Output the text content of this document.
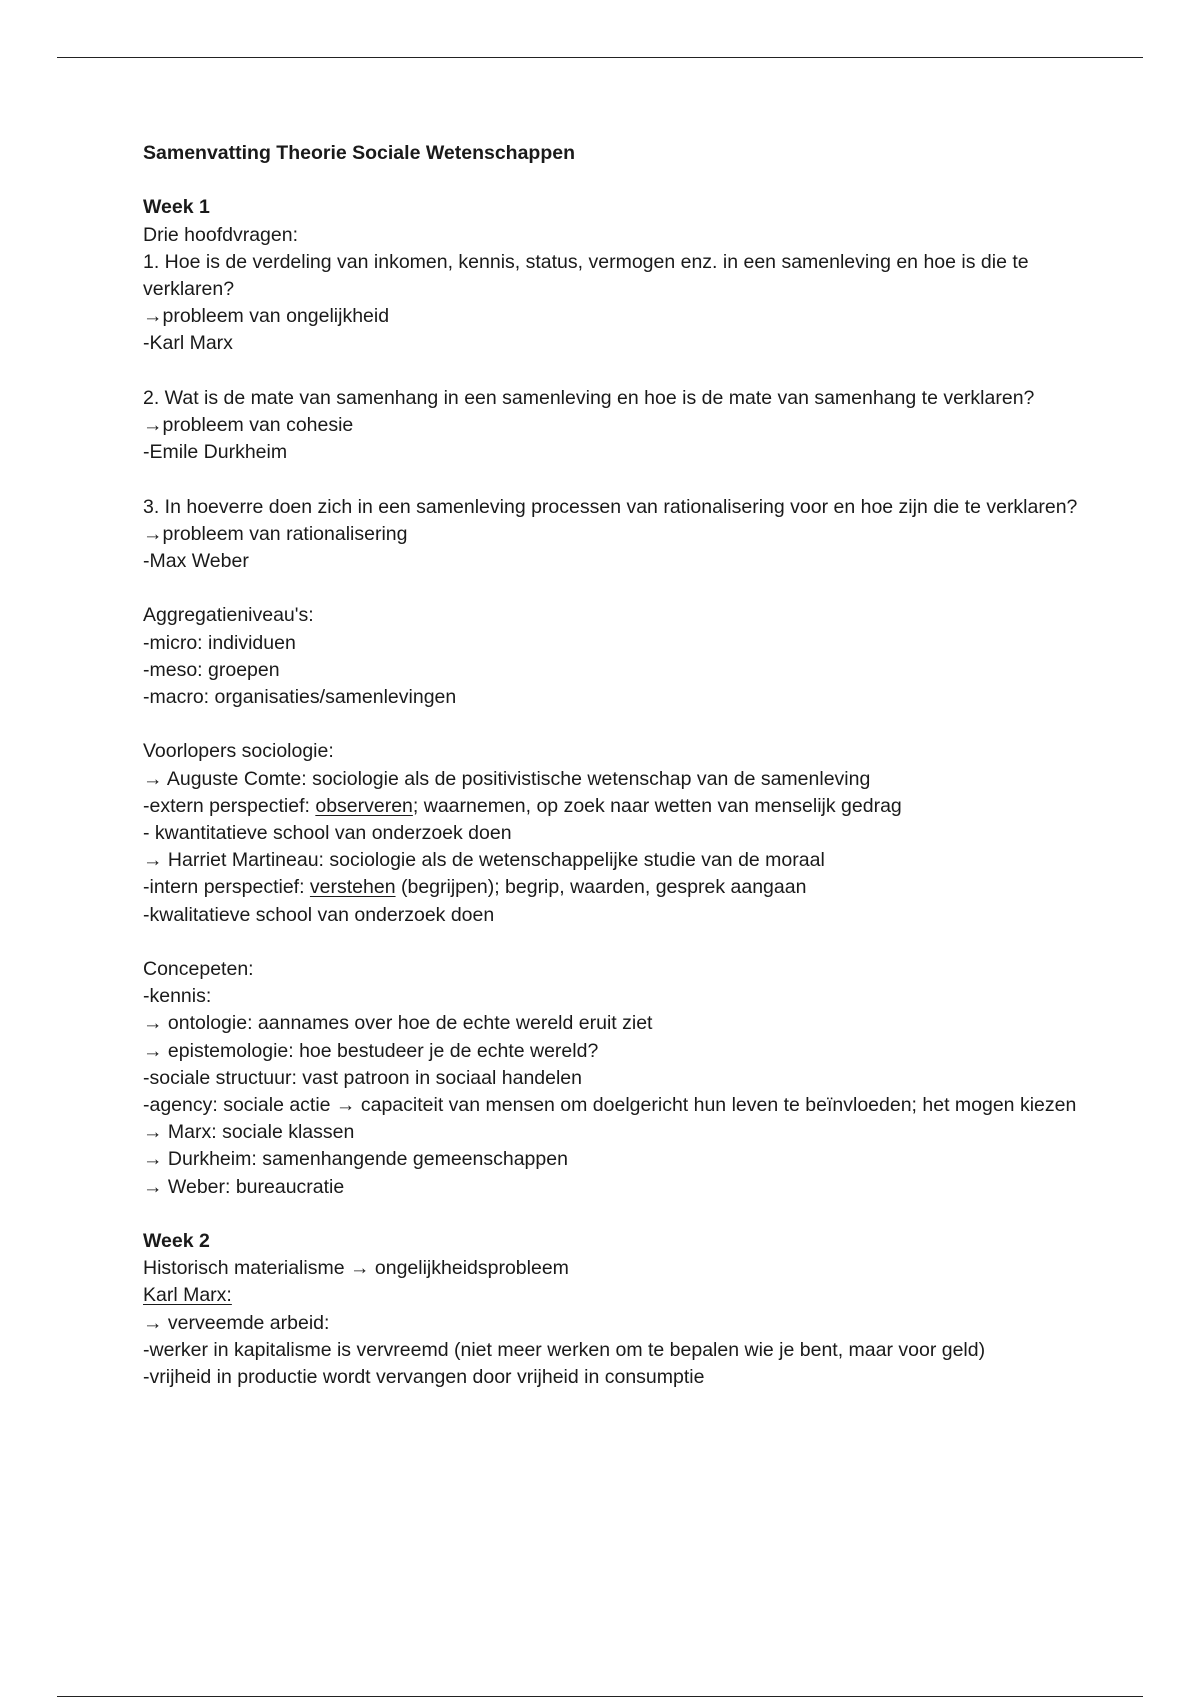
Samenvatting Theorie Sociale Wetenschappen
Week 1
Drie hoofdvragen:
1. Hoe is de verdeling van inkomen, kennis, status, vermogen enz. in een samenleving en hoe is die te verklaren?
→probleem van ongelijkheid
-Karl Marx
2. Wat is de mate van samenhang in een samenleving en hoe is de mate van samenhang te verklaren?
→probleem van cohesie
-Emile Durkheim
3. In hoeverre doen zich in een samenleving processen van rationalisering voor en hoe zijn die te verklaren?
→probleem van rationalisering
-Max Weber
Aggregatieniveau's:
-micro: individuen
-meso: groepen
-macro: organisaties/samenlevingen
Voorlopers sociologie:
→ Auguste Comte: sociologie als de positivistische wetenschap van de samenleving
-extern perspectief: observeren; waarnemen, op zoek naar wetten van menselijk gedrag
- kwantitatieve school van onderzoek doen
→ Harriet Martineau: sociologie als de wetenschappelijke studie van de moraal
-intern perspectief: verstehen (begrijpen); begrip, waarden, gesprek aangaan
-kwalitatieve school van onderzoek doen
Concepeten:
-kennis:
→ ontologie: aannames over hoe de echte wereld eruit ziet
→ epistemologie: hoe bestudeer je de echte wereld?
-sociale structuur: vast patroon in sociaal handelen
-agency: sociale actie → capaciteit van mensen om doelgericht hun leven te beïnvloeden; het mogen kiezen
→ Marx: sociale klassen
→ Durkheim: samenhangende gemeenschappen
→ Weber: bureaucratie
Week 2
Historisch materialisme → ongelijkheidsprobleem
Karl Marx:
→ verveemde arbeid:
-werker in kapitalisme is vervreemd (niet meer werken om te bepalen wie je bent, maar voor geld)
-vrijheid in productie wordt vervangen door vrijheid in consumptie
